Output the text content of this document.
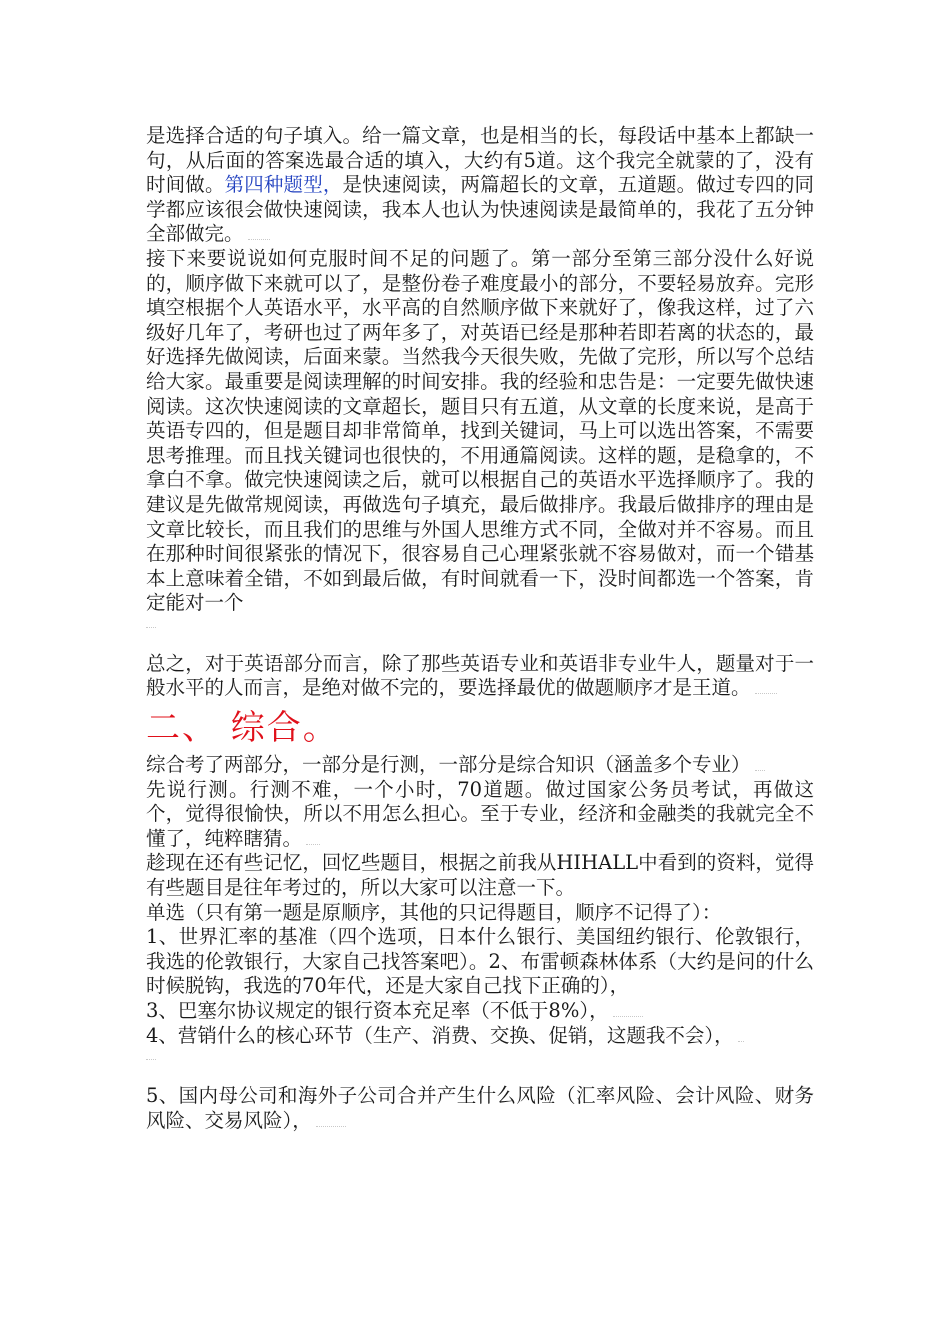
是选择合适的句子填入。给一篇文章，也是相当的长，每段话中基本上都缺一句，从后面的答案选最合适的填入，大约有5道。这个我完全就蒙的了，没有时间做。第四种题型，是快速阅读，两篇超长的文章，五道题。做过专四的同学都应该很会做快速阅读，我本人也认为快速阅读是最简单的，我花了五分钟全部做完。

接下来要说说如何克服时间不足的问题了。第一部分至第三部分没什么好说的，顺序做下来就可以了，是整份卷子难度最小的部分，不要轻易放弃。完形填空根据个人英语水平，水平高的自然顺序做下来就好了，像我这样，过了六级好几年了，考研也过了两年多了，对英语已经是那种若即若离的状态的，最好选择先做阅读，后面来蒙。当然我今天很失败，先做了完形，所以写个总结给大家。最重要是阅读理解的时间安排。我的经验和忠告是：一定要先做快速阅读。这次快速阅读的文章超长，题目只有五道，从文章的长度来说，是高于英语专四的，但是题目却非常简单，找到关键词，马上可以选出答案，不需要思考推理。而且找关键词也很快的，不用通篇阅读。这样的题，是稳拿的，不拿白不拿。做完快速阅读之后，就可以根据自己的英语水平选择顺序了。我的建议是先做常规阅读，再做选句子填充，最后做排序。我最后做排序的理由是文章比较长，而且我们的思维与外国人思维方式不同，全做对并不容易。而且在那种时间很紧张的情况下，很容易自己心理紧张就不容易做对，而一个错基本上意味着全错，不如到最后做，有时间就看一下，没时间都选一个答案，肯定能对一个

总之，对于英语部分而言，除了那些英语专业和英语非专业牛人，题量对于一般水平的人而言，是绝对做不完的，要选择最优的做题顺序才是王道。

二、 综合。

综合考了两部分，一部分是行测，一部分是综合知识（涵盖多个专业）

先说行测。行测不难，一个小时，70道题。做过国家公务员考试，再做这个，觉得很愉快，所以不用怎么担心。至于专业，经济和金融类的我就完全不懂了，纯粹瞎猜。

趁现在还有些记忆，回忆些题目，根据之前我从HIHALL中看到的资料，觉得有些题目是往年考过的，所以大家可以注意一下。

单选（只有第一题是原顺序，其他的只记得题目，顺序不记得了）：

1、世界汇率的基准（四个选项，日本什么银行、美国纽约银行、伦敦银行，我选的伦敦银行，大家自己找答案吧）。2、布雷顿森林体系（大约是问的什么时候脱钩，我选的70年代，还是大家自己找下正确的），

3、巴塞尔协议规定的银行资本充足率（不低于8%），

4、营销什么的核心环节（生产、消费、交换、促销，这题我不会），

5、国内母公司和海外子公司合并产生什么风险（汇率风险、会计风险、财务风险、交易风险），
